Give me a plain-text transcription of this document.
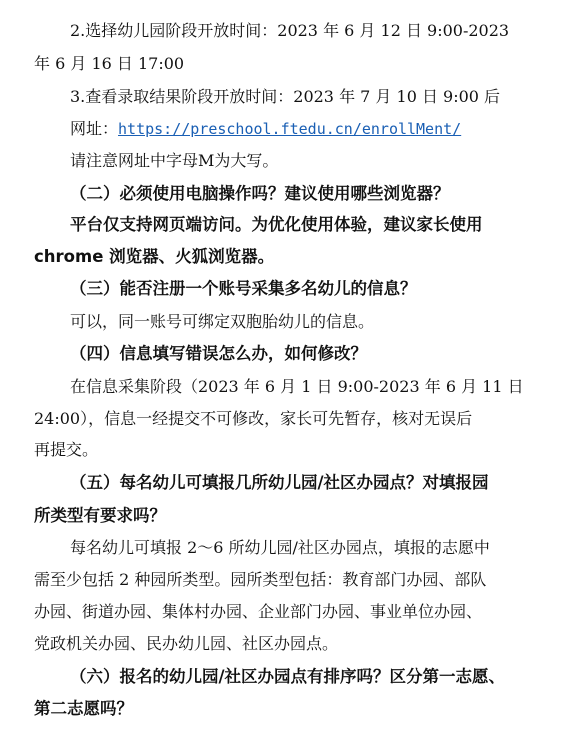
2.选择幼儿园阶段开放时间：2023 年 6 月 12 日 9:00-2023
年 6 月 16 日 17:00
3.查看录取结果阶段开放时间：2023 年 7 月 10 日 9:00 后
网址：https://preschool.ftedu.cn/enrollMent/
请注意网址中字母M为大写。
（二）必须使用电脑操作吗？建议使用哪些浏览器？
平台仅支持网页端访问。为优化使用体验，建议家长使用
chrome 浏览器、火狐浏览器。
（三）能否注册一个账号采集多名幼儿的信息？
可以，同一账号可绑定双胞胎幼儿的信息。
（四）信息填写错误怎么办，如何修改？
在信息采集阶段（2023 年 6 月 1 日 9:00-2023 年 6 月 11 日
24:00），信息一经提交不可修改，家长可先暂存，核对无误后
再提交。
（五）每名幼儿可填报几所幼儿园/社区办园点？对填报园
所类型有要求吗？
每名幼儿可填报 2～6 所幼儿园/社区办园点，填报的志愿中
需至少包括 2 种园所类型。园所类型包括：教育部门办园、部队
办园、街道办园、集体村办园、企业部门办园、事业单位办园、
党政机关办园、民办幼儿园、社区办园点。
（六）报名的幼儿园/社区办园点有排序吗？区分第一志愿、
第二志愿吗？
